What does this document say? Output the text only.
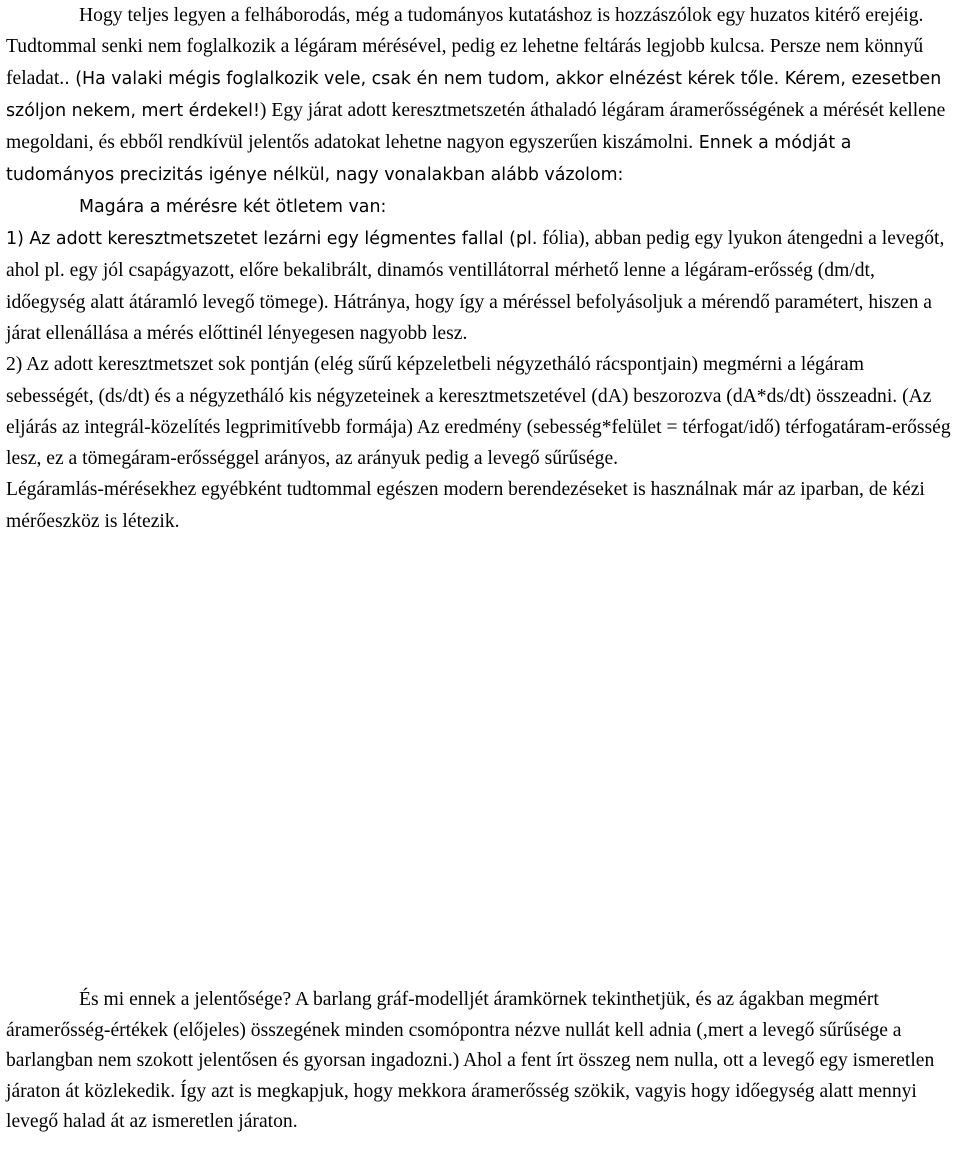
Hogy teljes legyen a felháborodás, még a tudományos kutatáshoz is hozzászólok egy huzatos kitérő erejéig. Tudtommal senki nem foglalkozik a légáram mérésével, pedig ez lehetne feltárás legjobb kulcsa. Persze nem könnyű feladat.. (Ha valaki mégis foglalkozik vele, csak én nem tudom, akkor elnézést kérek tőle. Kérem, ezesetben szóljon nekem, mert érdekel!) Egy járat adott keresztmetszetén áthaladó légáram áramerősségének a mérését kellene megoldani, és ebből rendkívül jelentős adatokat lehetne nagyon egyszerűen kiszámolni. Ennek a módját a tudományos precizitás igénye nélkül, nagy vonalakban alább vázolom:

Magára a mérésre két ötletem van:

1) Az adott keresztmetszetet lezárni egy légmentes fallal (pl. fólia), abban pedig egy lyukon átengedni a levegőt, ahol pl. egy jól csapágyazott, előre bekalibrált, dinamós ventillátorral mérhető lenne a légáram-erősség (dm/dt, időegység alatt átáramló levegő tömege). Hátránya, hogy így a méréssel befolyásoljuk a mérendő paramétert, hiszen a járat ellenállása a mérés előttinél lényegesen nagyobb lesz.

2) Az adott keresztmetszet sok pontján (elég sűrű képzeletbeli négyzetháló rácspontjain) megmérni a légáram sebességét, (ds/dt) és a négyzetháló kis négyzeteinek a keresztmetszetével (dA) beszorozva (dA*ds/dt) összeadni. (Az eljárás az integrál-közelítés legprimitívebb formája) Az eredmény (sebesség*felület = térfogat/idő) térfogatáram-erősség lesz, ez a tömegáram-erősséggel arányos, az arányuk pedig a levegő sűrűsége.

Légáramlás-mérésekhez egyébként tudtommal egészen modern berendezéseket is használnak már az iparban, de kézi mérőeszköz is létezik.

És mi ennek a jelentősége? A barlang gráf-modelljét áramkörnek tekinthetjük, és az ágakban megmért áramerősség-értékek (előjeles) összegének minden csomópontra nézve nullát kell adnia (,mert a levegő sűrűsége a barlangban nem szokott jelentősen és gyorsan ingadozni.) Ahol a fent írt összeg nem nulla, ott a levegő egy ismeretlen járaton át közlekedik. Így azt is megkapjuk, hogy mekkora áramerősség szökik, vagyis hogy időegység alatt mennyi levegő halad át az ismeretlen járaton.
